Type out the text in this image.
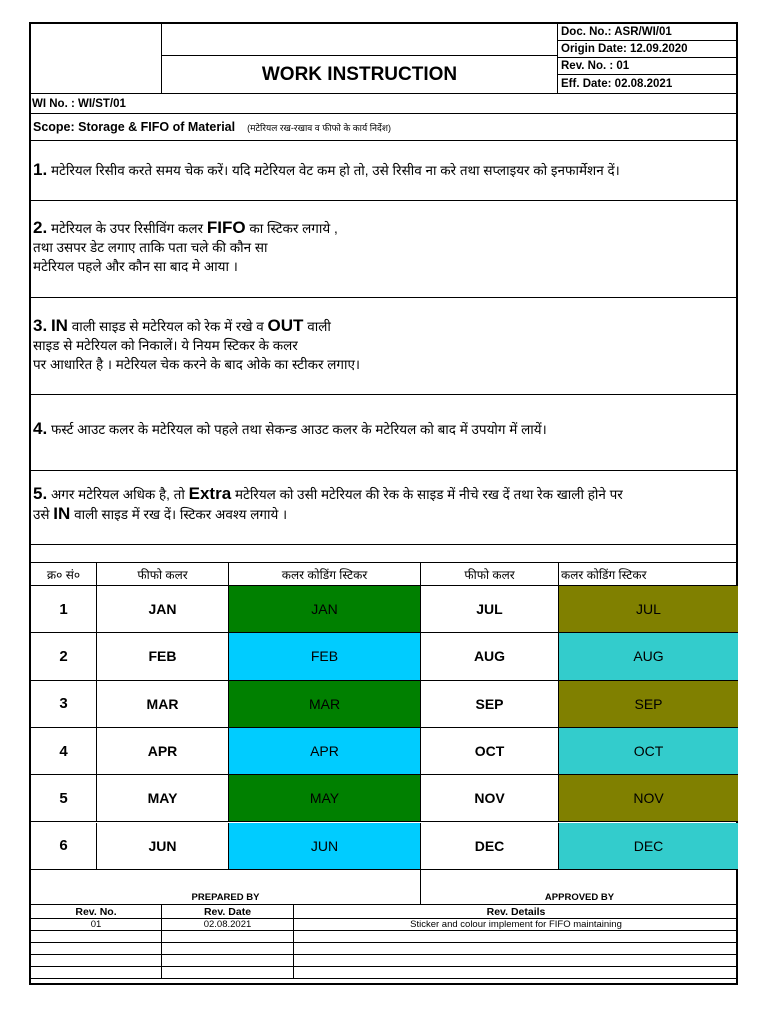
WORK INSTRUCTION
Doc. No.: ASR/WI/01
Origin Date: 12.09.2020
Rev. No. : 01
Eff. Date: 02.08.2021
WI No. : WI/ST/01
Scope: Storage & FIFO of Material (मटेरियल रख-रखाव व फीफो के कार्य निर्देश)
1. मटेरियल रिसीव करते समय चेक करें। यदि मटेरियल वेट कम हो तो, उसे रिसीव ना करे तथा सप्लाइयर को इनफार्मेशन दें।
2. मटेरियल के उपर रिसीविंग कलर FIFO का स्टिकर लगाये ,
तथा उसपर डेट लगाए ताकि पता चले की कौन सा
मटेरियल पहले और कौन सा बाद मे आया ।
3. IN वाली साइड से मटेरियल को रेक में रखे व OUT वाली
साइड से मटेरियल को निकालें। ये नियम स्टिकर के कलर
पर आधारित है । मटेरियल चेक करने के बाद ओके का स्टीकर लगाए।
4. फर्स्ट आउट कलर के मटेरियल को पहले तथा सेकन्ड आउट कलर के मटेरियल को बाद में उपयोग में लायें।
5. अगर मटेरियल अधिक है, तो Extra मटेरियल को उसी मटेरियल की रेक के साइड में नीचे रख दें तथा रेक खाली होने पर
उसे IN वाली साइड में रख दें। स्टिकर अवश्य लगाये ।
क्र० सं०	फीफो कलर	कलर कोडिंग स्टिकर	फीफो कलर	कलर कोडिंग स्टिकर
1	JAN	JAN	JUL	JUL
2	FEB	FEB	AUG	AUG
3	MAR	MAR	SEP	SEP
4	APR	APR	OCT	OCT
5	MAY	MAY	NOV	NOV
6	JUN	JUN	DEC	DEC
PREPARED BY	APPROVED BY
Rev. No.	Rev. Date	Rev. Details
01	02.08.2021	Sticker and colour implement for FIFO maintaining
